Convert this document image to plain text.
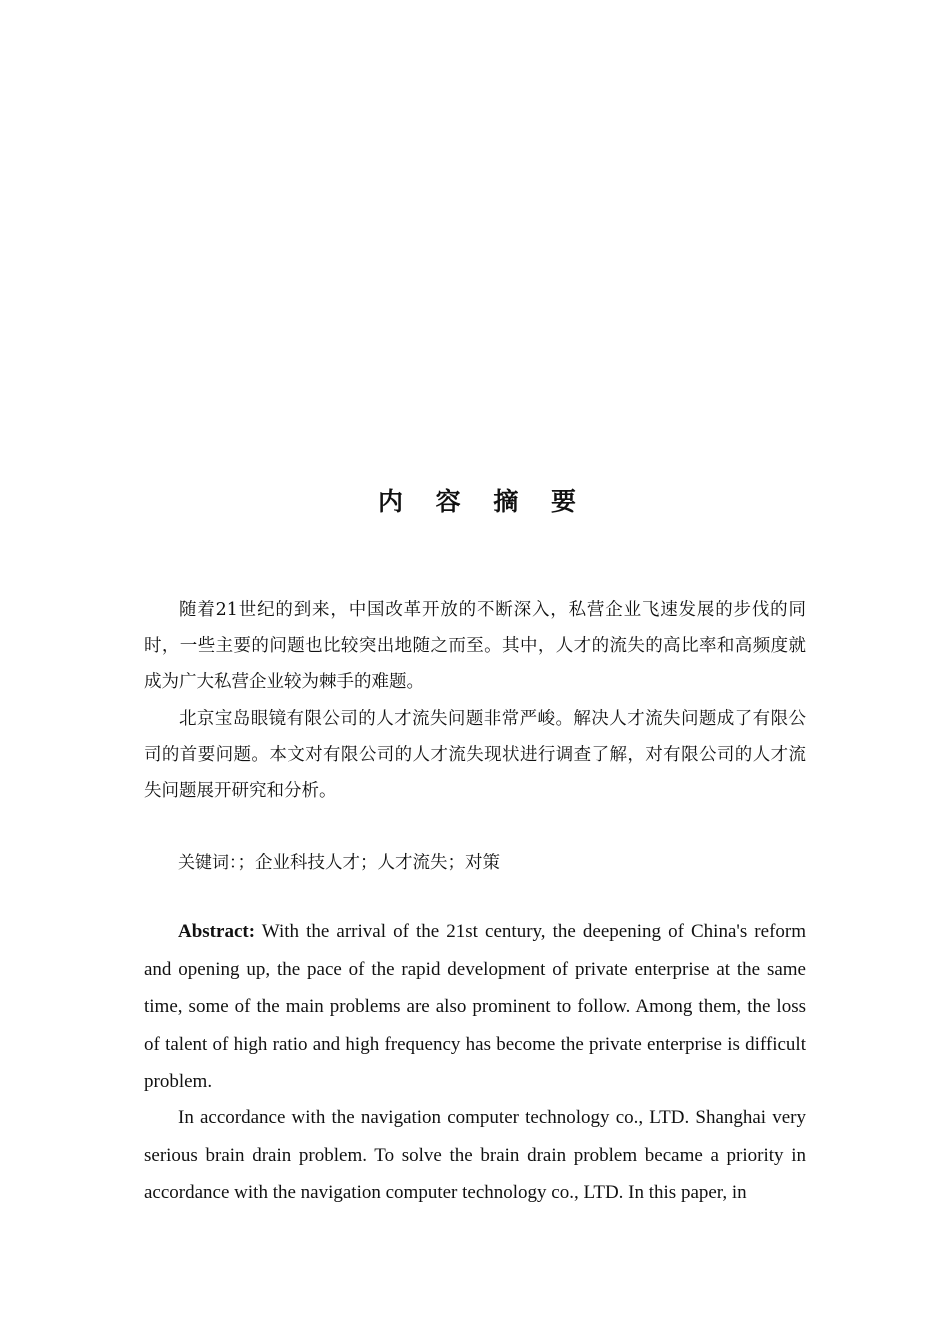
内 容 摘 要

随着21世纪的到来，中国改革开放的不断深入，私营企业飞速发展的步伐的同时，一些主要的问题也比较突出地随之而至。其中，人才的流失的高比率和高频度就成为广大私营企业较为棘手的难题。

北京宝岛眼镜有限公司的人才流失问题非常严峻。解决人才流失问题成了有限公司的首要问题。本文对有限公司的人才流失现状进行调查了解，对有限公司的人才流失问题展开研究和分析。

关键词：；企业科技人才；人才流失；对策

Abstract: With the arrival of the 21st century, the deepening of China's reform and opening up, the pace of the rapid development of private enterprise at the same time, some of the main problems are also prominent to follow. Among them, the loss of talent of high ratio and high frequency has become the private enterprise is difficult problem.

In accordance with the navigation computer technology co., LTD. Shanghai very serious brain drain problem. To solve the brain drain problem became a priority in accordance with the navigation computer technology co., LTD. In this paper, in
